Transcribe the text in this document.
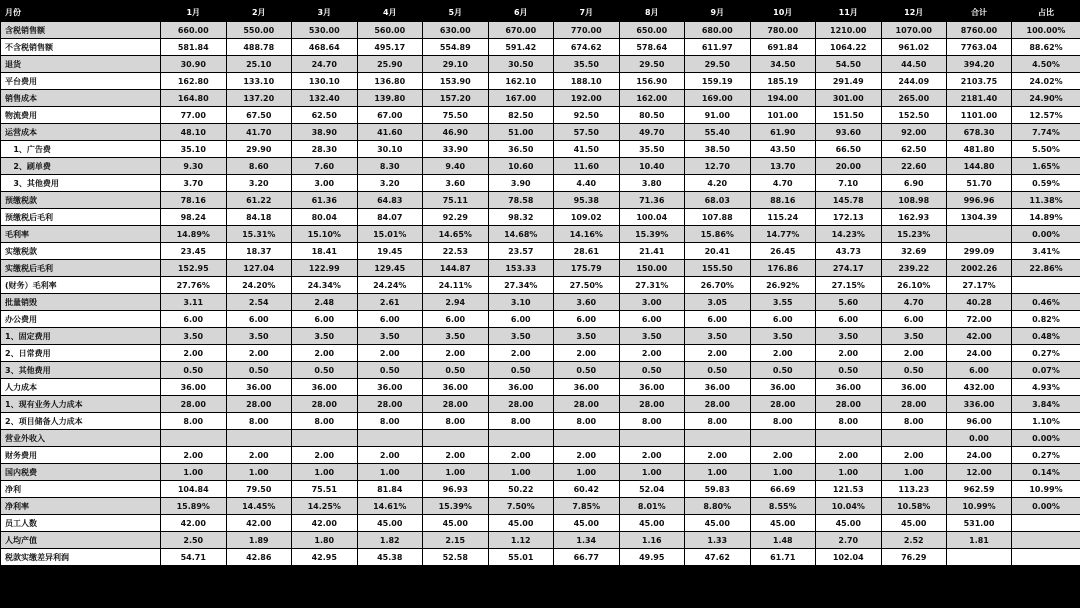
月份	1月	2月	3月	4月	5月	6月	7月	8月	9月	10月	11月	12月	合计	占比
含税销售额	660.00	550.00	530.00	560.00	630.00	670.00	770.00	650.00	680.00	780.00	1210.00	1070.00	8760.00	100.00%
不含税销售额	581.84	488.78	468.64	495.17	554.89	591.42	674.62	578.64	611.97	691.84	1064.22	961.02	7763.04	88.62%
退货	30.90	25.10	24.70	25.90	29.10	30.50	35.50	29.50	29.50	34.50	54.50	44.50	394.20	4.50%
平台费用	162.80	133.10	130.10	136.80	153.90	162.10	188.10	156.90	159.19	185.19	291.49	244.09	2103.75	24.02%
销售成本	164.80	137.20	132.40	139.80	157.20	167.00	192.00	162.00	169.00	194.00	301.00	265.00	2181.40	24.90%
物流费用	77.00	67.50	62.50	67.00	75.50	82.50	92.50	80.50	91.00	101.00	151.50	152.50	1101.00	12.57%
运营成本	48.10	41.70	38.90	41.60	46.90	51.00	57.50	49.70	55.40	61.90	93.60	92.00	678.30	7.74%
1、广告费	35.10	29.90	28.30	30.10	33.90	36.50	41.50	35.50	38.50	43.50	66.50	62.50	481.80	5.50%
2、刷单费	9.30	8.60	7.60	8.30	9.40	10.60	11.60	10.40	12.70	13.70	20.00	22.60	144.80	1.65%
3、其他费用	3.70	3.20	3.00	3.20	3.60	3.90	4.40	3.80	4.20	4.70	7.10	6.90	51.70	0.59%
预缴税款	78.16	61.22	61.36	64.83	75.11	78.58	95.38	71.36	68.03	88.16	145.78	108.98	996.96	11.38%
预缴税后毛利	98.24	84.18	80.04	84.07	92.29	98.32	109.02	100.04	107.88	115.24	172.13	162.93	1304.39	14.89%
毛利率	14.89%	15.31%	15.10%	15.01%	14.65%	14.68%	14.16%	15.39%	15.86%	14.77%	14.23%	15.23%		0.00%
实缴税款	23.45	18.37	18.41	19.45	22.53	23.57	28.61	21.41	20.41	26.45	43.73	32.69	299.09	3.41%
实缴税后毛利	152.95	127.04	122.99	129.45	144.87	153.33	175.79	150.00	155.50	176.86	274.17	239.22	2002.26	22.86%
(财务）毛利率	27.76%	24.20%	24.34%	24.24%	24.11%	27.34%	27.50%	27.31%	26.70%	26.92%	27.15%	26.10%	27.17%	
批量销毁	3.11	2.54	2.48	2.61	2.94	3.10	3.60	3.00	3.05	3.55	5.60	4.70	40.28	0.46%
办公费用	6.00	6.00	6.00	6.00	6.00	6.00	6.00	6.00	6.00	6.00	6.00	6.00	72.00	0.82%
1、固定费用	3.50	3.50	3.50	3.50	3.50	3.50	3.50	3.50	3.50	3.50	3.50	3.50	42.00	0.48%
2、日常费用	2.00	2.00	2.00	2.00	2.00	2.00	2.00	2.00	2.00	2.00	2.00	2.00	24.00	0.27%
3、其他费用	0.50	0.50	0.50	0.50	0.50	0.50	0.50	0.50	0.50	0.50	0.50	0.50	6.00	0.07%
人力成本	36.00	36.00	36.00	36.00	36.00	36.00	36.00	36.00	36.00	36.00	36.00	36.00	432.00	4.93%
1、现有业务人力成本	28.00	28.00	28.00	28.00	28.00	28.00	28.00	28.00	28.00	28.00	28.00	28.00	336.00	3.84%
2、项目储备人力成本	8.00	8.00	8.00	8.00	8.00	8.00	8.00	8.00	8.00	8.00	8.00	8.00	96.00	1.10%
营业外收入													0.00	0.00%
财务费用	2.00	2.00	2.00	2.00	2.00	2.00	2.00	2.00	2.00	2.00	2.00	2.00	24.00	0.27%
国内税费	1.00	1.00	1.00	1.00	1.00	1.00	1.00	1.00	1.00	1.00	1.00	1.00	12.00	0.14%
净利	104.84	79.50	75.51	81.84	96.93	50.22	60.42	52.04	59.83	66.69	121.53	113.23	962.59	10.99%
净利率	15.89%	14.45%	14.25%	14.61%	15.39%	7.50%	7.85%	8.01%	8.80%	8.55%	10.04%	10.58%	10.99%	0.00%
员工人数	42.00	42.00	42.00	45.00	45.00	45.00	45.00	45.00	45.00	45.00	45.00	45.00	531.00	
人均产值	2.50	1.89	1.80	1.82	2.15	1.12	1.34	1.16	1.33	1.48	2.70	2.52	1.81	
税款实缴差异利润	54.71	42.86	42.95	45.38	52.58	55.01	66.77	49.95	47.62	61.71	102.04	76.29		
